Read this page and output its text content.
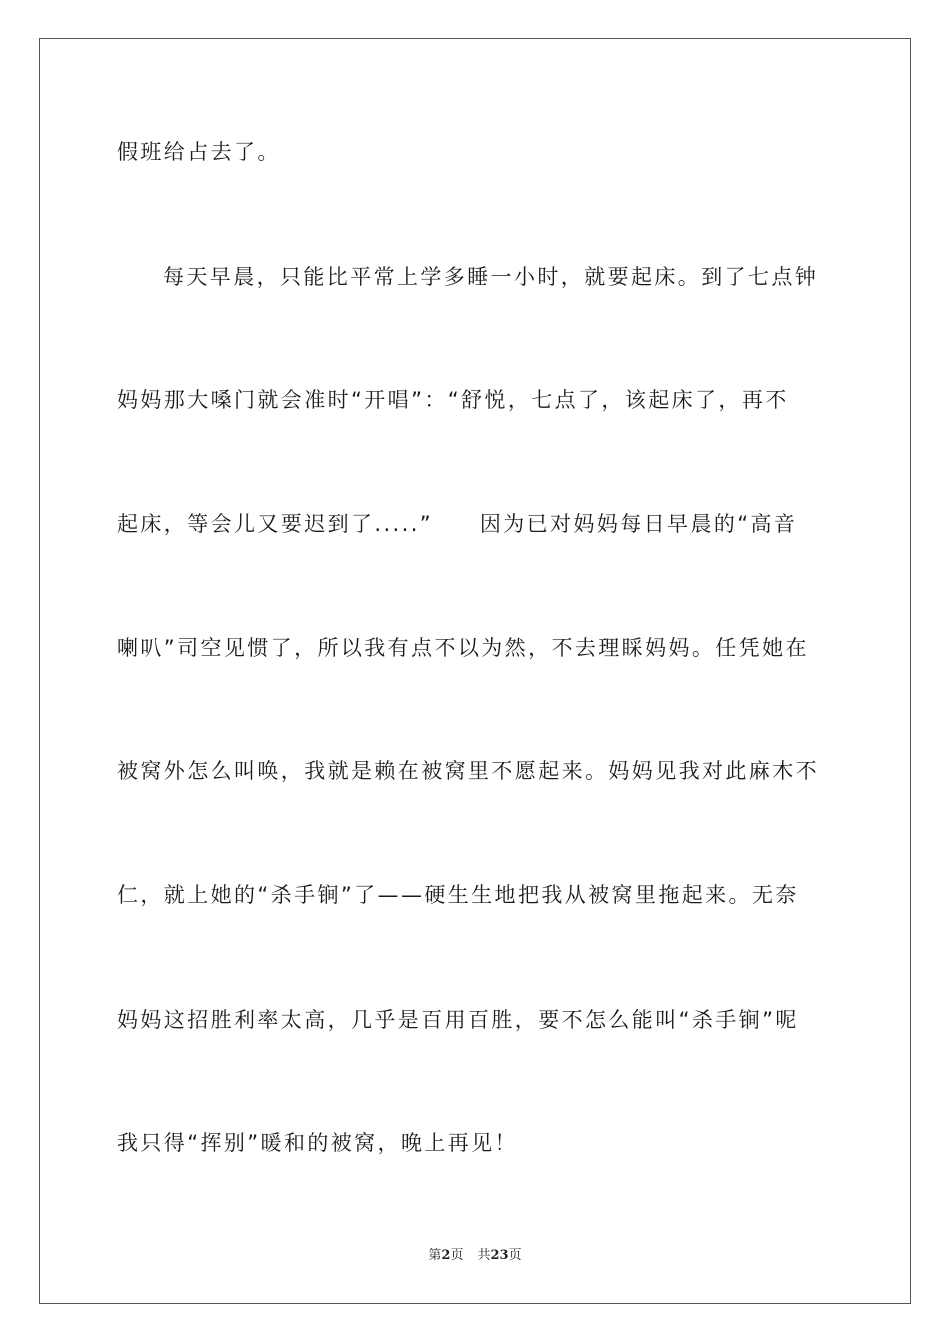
假班给占去了。
每天早晨，只能比平常上学多睡一小时，就要起床。到了七点钟
妈妈那大嗓门就会准时“开唱”：“舒悦，七点了，该起床了，再不
起床，等会儿又要迟到了.....”　　因为已对妈妈每日早晨的“高音
喇叭”司空见惯了，所以我有点不以为然，不去理睬妈妈。任凭她在
被窝外怎么叫唤，我就是赖在被窝里不愿起来。妈妈见我对此麻木不
仁，就上她的“杀手锏”了——硬生生地把我从被窝里拖起来。无奈
妈妈这招胜利率太高，几乎是百用百胜，要不怎么能叫“杀手锏”呢
我只得“挥别”暖和的被窝，晚上再见！
第2页 共23页
